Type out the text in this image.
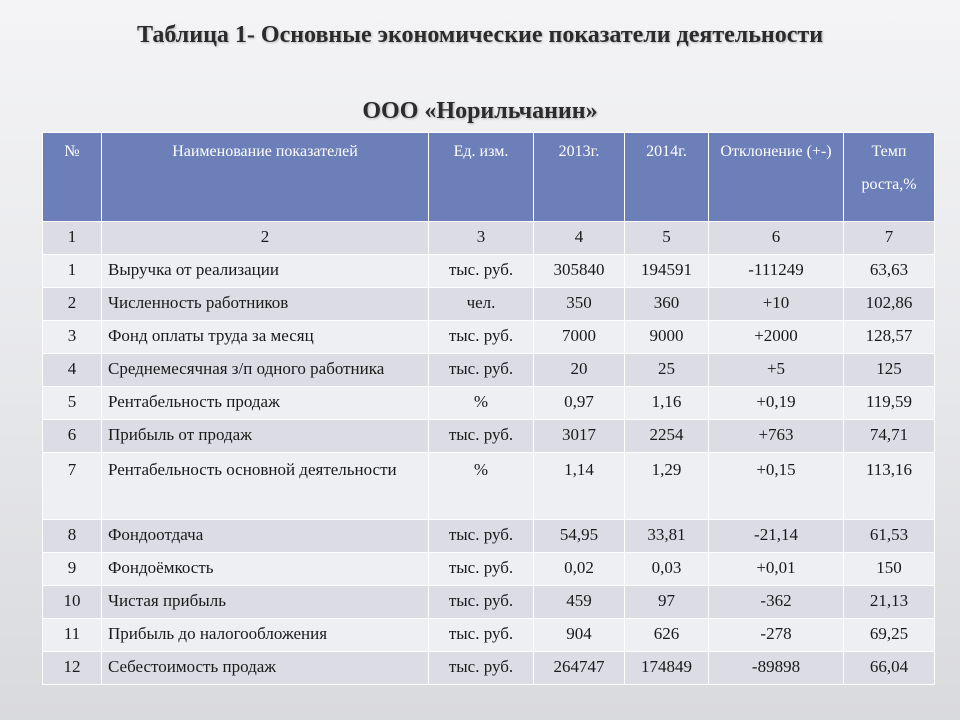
Таблица 1- Основные экономические показатели деятельности
ООО «Норильчанин»
№	Наименование показателей	Ед. изм.	2013г.	2014г.	Отклонение (+-)	Темп роста,%
1	2	3	4	5	6	7
1	Выручка от реализации	тыс. руб.	305840	194591	-111249	63,63
2	Численность работников	чел.	350	360	+10	102,86
3	Фонд оплаты труда за месяц	тыс. руб.	7000	9000	+2000	128,57
4	Среднемесячная з/п одного работника	тыс. руб.	20	25	+5	125
5	Рентабельность продаж	%	0,97	1,16	+0,19	119,59
6	Прибыль от продаж	тыс. руб.	3017	2254	+763	74,71
7	Рентабельность основной деятельности	%	1,14	1,29	+0,15	113,16
8	Фондоотдача	тыс. руб.	54,95	33,81	-21,14	61,53
9	Фондоёмкость	тыс. руб.	0,02	0,03	+0,01	150
10	Чистая прибыль	тыс. руб.	459	97	-362	21,13
11	Прибыль до налогообложения	тыс. руб.	904	626	-278	69,25
12	Себестоимость продаж	тыс. руб.	264747	174849	-89898	66,04
